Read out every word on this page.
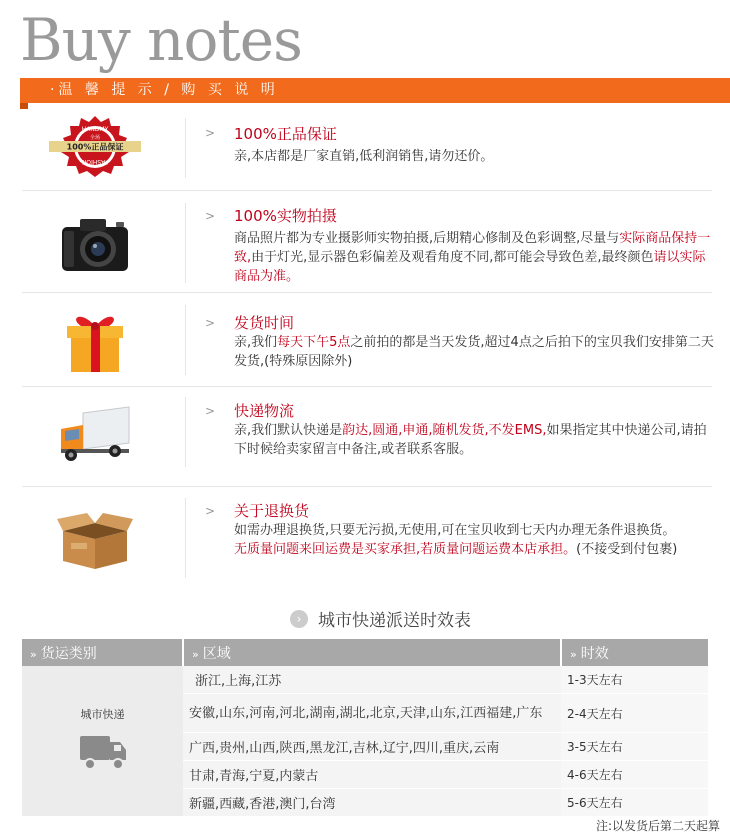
Buy notes
·温 馨 提 示 / 购 买 说 明
100%正品保证
全场
HANDMY
FASHION
> 100%正品保证
亲,本店都是厂家直销,低利润销售,请勿还价。
> 100%实物拍摄
商品照片都为专业摄影师实物拍摄,后期精心修制及色彩调整,尽量与实际商品保持一致,由于灯光,显示器色彩偏差及观看角度不同,都可能会导致色差,最终颜色请以实际商品为准。
> 发货时间
亲,我们每天下午5点之前拍的都是当天发货,超过4点之后拍下的宝贝我们安排第二天发货,(特殊原因除外)
> 快递物流
亲,我们默认快递是韵达,圆通,申通,随机发货,不发EMS,如果指定其中快递公司,请拍下时候给卖家留言中备注,或者联系客服。
> 关于退换货
如需办理退换货,只要无污损,无使用,可在宝贝收到七天内办理无条件退换货。
无质量问题来回运费是买家承担,若质量问题运费本店承担。(不接受到付包裹)
› 城市快递派送时效表
» 货运类别	» 区域	» 时效

城市快递	浙江,上海,江苏	1-3天左右
	安徽,山东,河南,河北,湖南,湖北,北京,天津,山东,江西福建,广东	2-4天左右
	广西,贵州,山西,陕西,黑龙江,吉林,辽宁,四川,重庆,云南	3-5天左右
	甘肃,青海,宁夏,内蒙古	4-6天左右
	新疆,西藏,香港,澳门,台湾	5-6天左右
注:以发货后第二天起算
